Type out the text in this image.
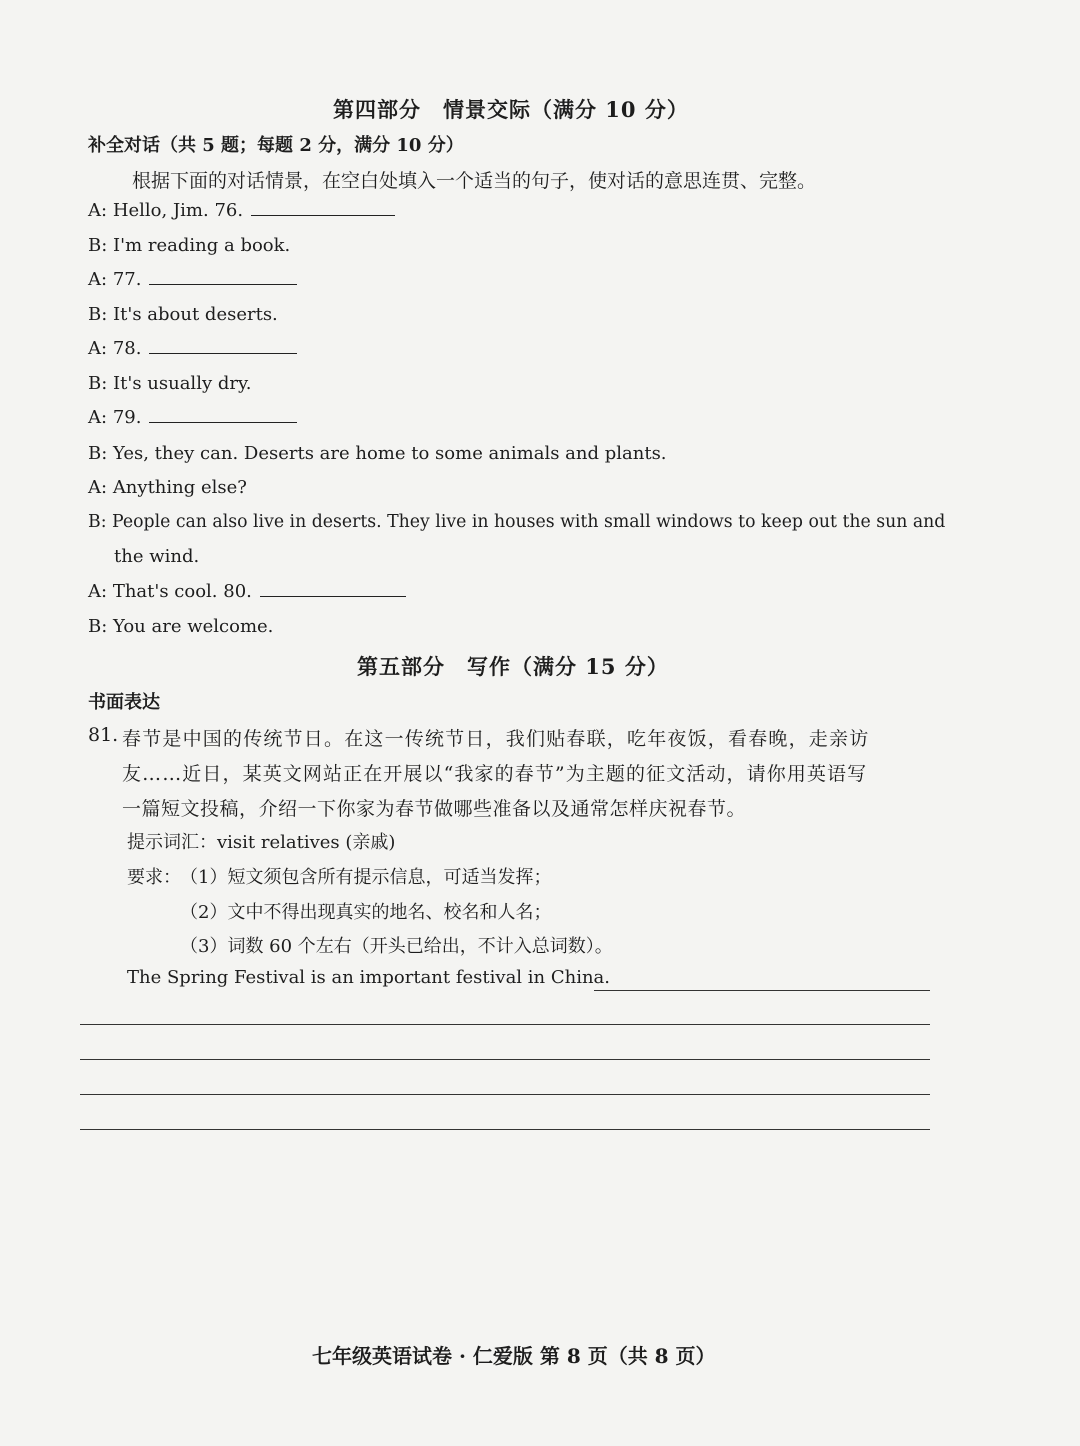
第四部分　情景交际（满分 10 分）
补全对话（共 5 题；每题 2 分，满分 10 分）
根据下面的对话情景，在空白处填入一个适当的句子，使对话的意思连贯、完整。
A: Hello, Jim. 76.
B: I'm reading a book.
A: 77.
B: It's about deserts.
A: 78.
B: It's usually dry.
A: 79.
B: Yes, they can. Deserts are home to some animals and plants.
A: Anything else?
B: People can also live in deserts. They live in houses with small windows to keep out the sun and
the wind.
A: That's cool. 80.
B: You are welcome.
第五部分　写作（满分 15 分）
书面表达
81. 春节是中国的传统节日。在这一传统节日，我们贴春联，吃年夜饭，看春晚，走亲访
友……近日，某英文网站正在开展以“我家的春节”为主题的征文活动，请你用英语写
一篇短文投稿，介绍一下你家为春节做哪些准备以及通常怎样庆祝春节。
提示词汇：visit relatives (亲戚)
要求： （1）短文须包含所有提示信息，可适当发挥；
（2）文中不得出现真实的地名、校名和人名；
（3）词数 60 个左右（开头已给出，不计入总词数）。
The Spring Festival is an important festival in China.
七年级英语试卷 · 仁爱版 第 8 页（共 8 页）
